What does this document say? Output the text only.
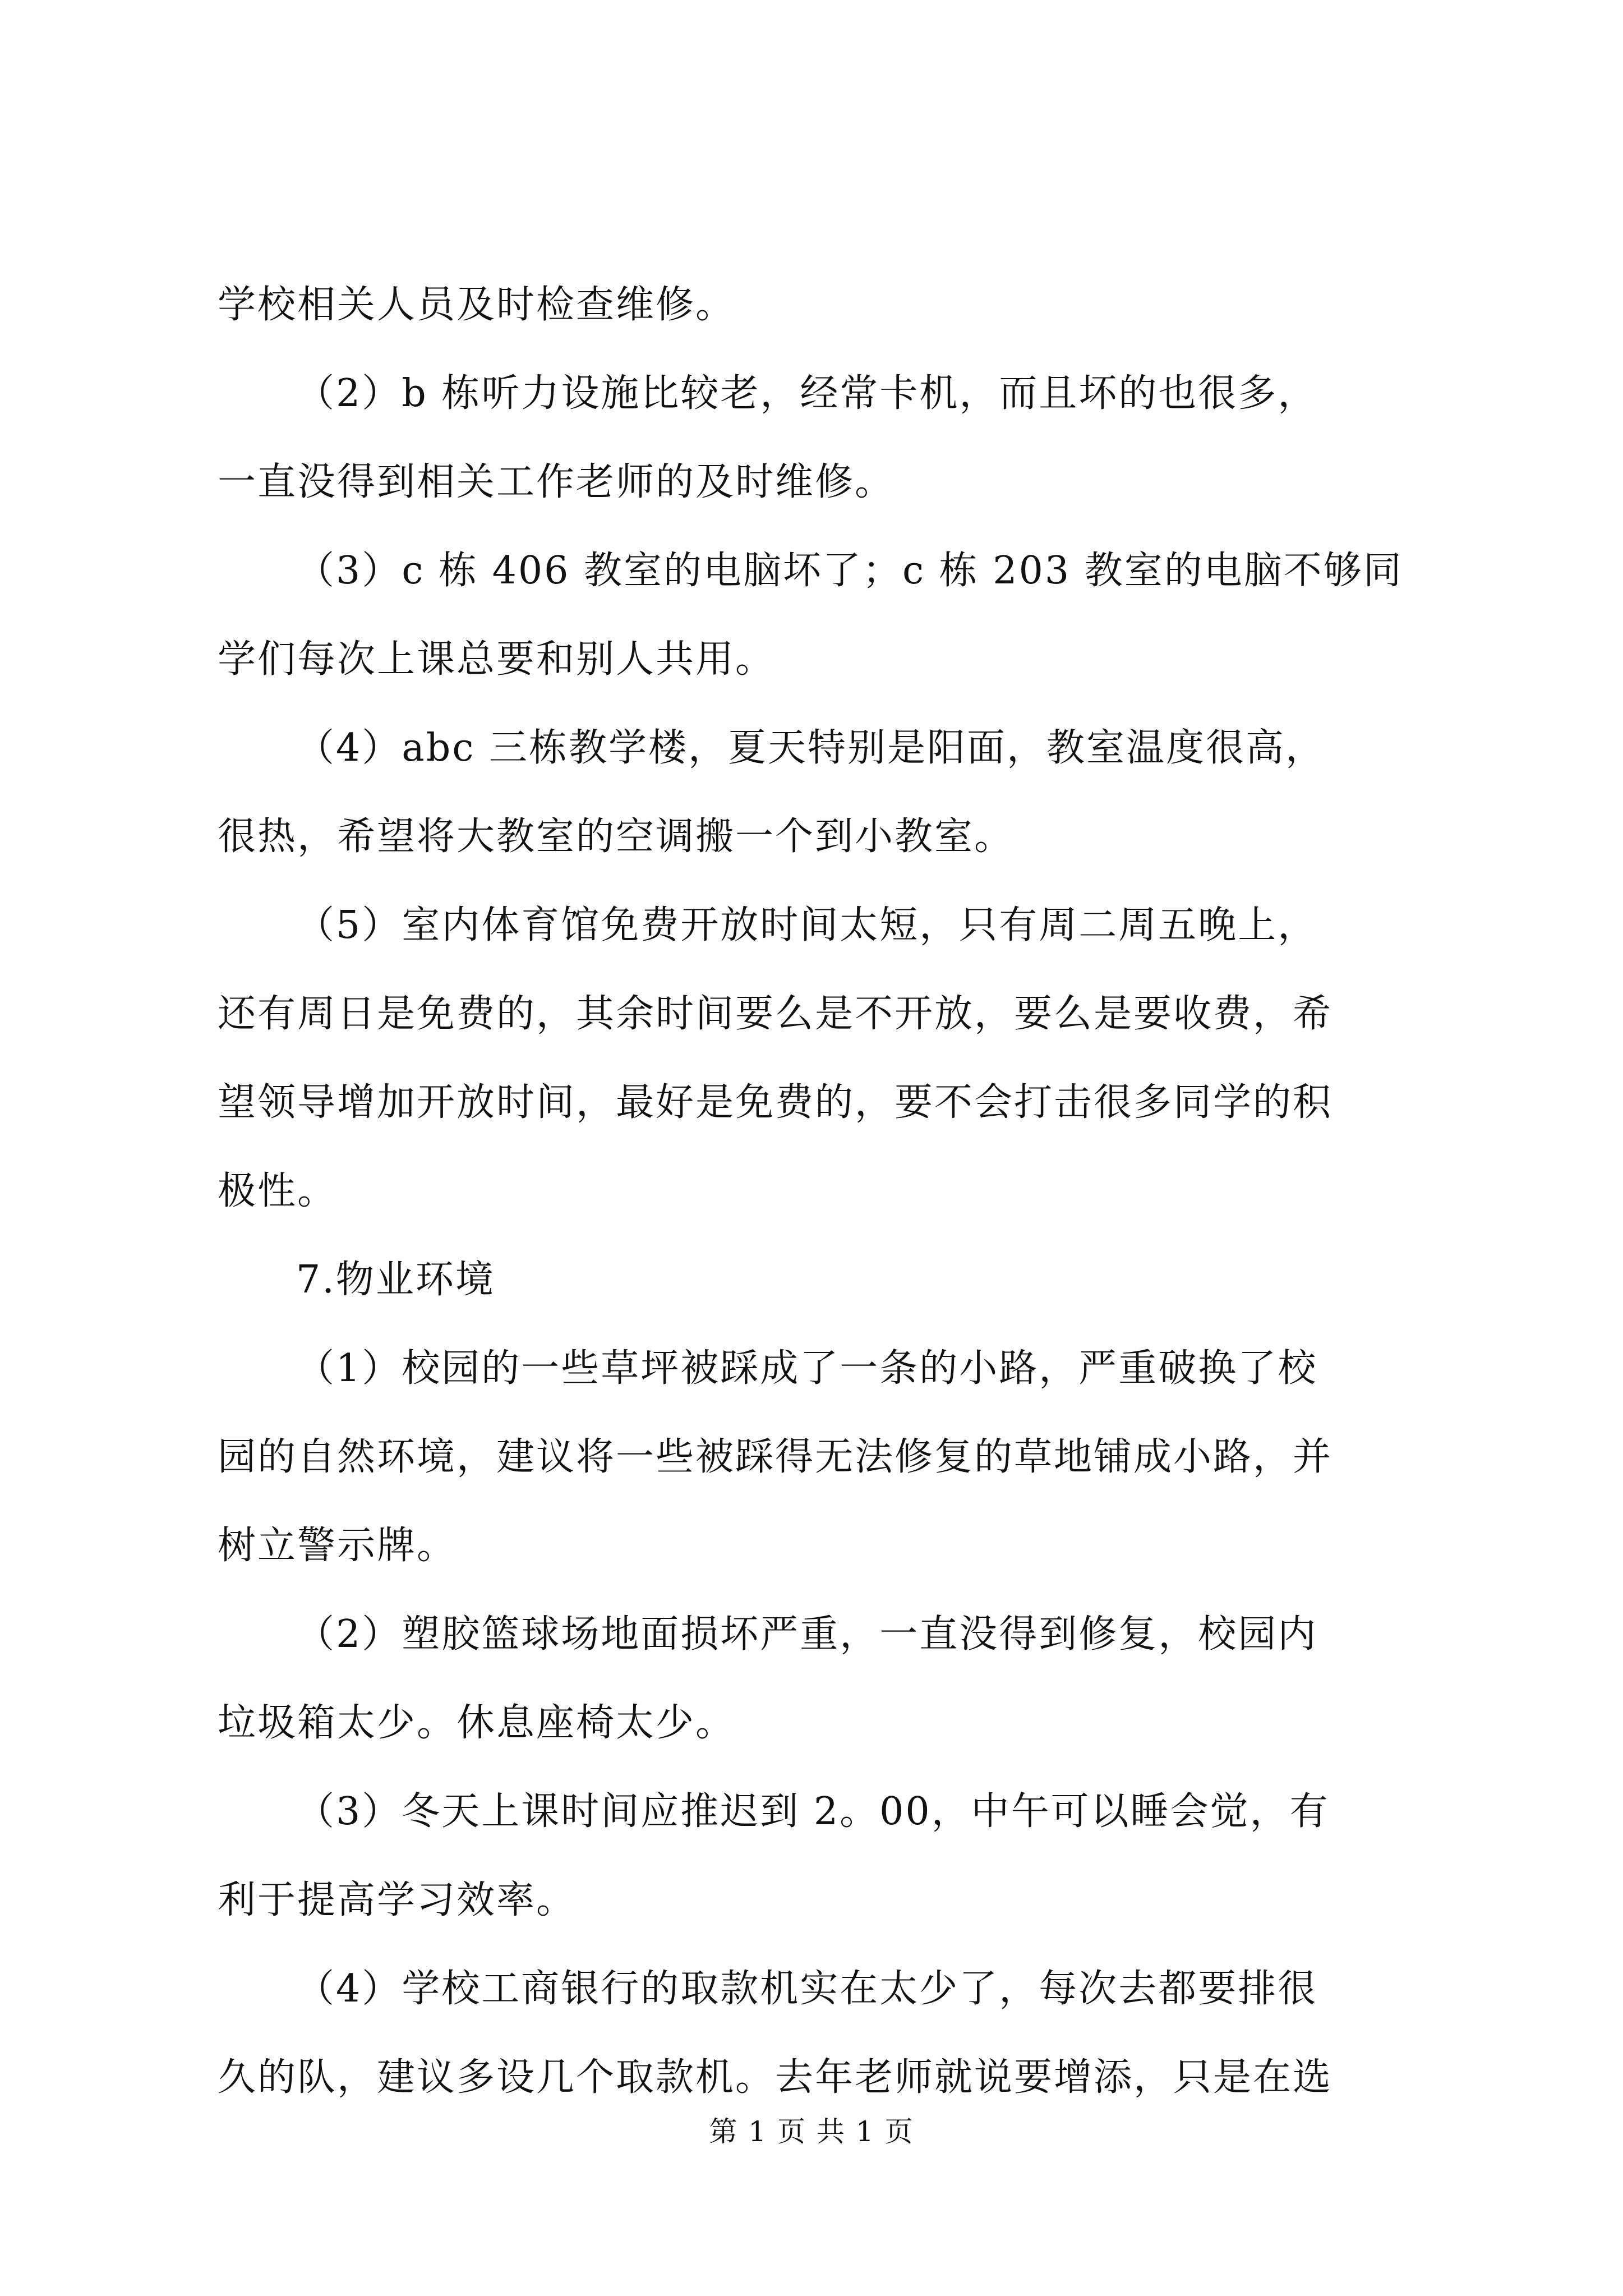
学校相关人员及时检查维修。
（2）b 栋听力设施比较老，经常卡机，而且坏的也很多，
一直没得到相关工作老师的及时维修。
（3）c 栋 406 教室的电脑坏了；c 栋 203 教室的电脑不够同
学们每次上课总要和别人共用。
（4）abc 三栋教学楼，夏天特别是阳面，教室温度很高，
很热，希望将大教室的空调搬一个到小教室。
（5）室内体育馆免费开放时间太短，只有周二周五晚上，
还有周日是免费的，其余时间要么是不开放，要么是要收费，希
望领导增加开放时间，最好是免费的，要不会打击很多同学的积
极性。
7.物业环境
（1）校园的一些草坪被踩成了一条的小路，严重破换了校
园的自然环境，建议将一些被踩得无法修复的草地铺成小路，并
树立警示牌。
（2）塑胶篮球场地面损坏严重，一直没得到修复，校园内
垃圾箱太少。休息座椅太少。
（3）冬天上课时间应推迟到 2。00，中午可以睡会觉，有
利于提高学习效率。
（4）学校工商银行的取款机实在太少了，每次去都要排很
久的队，建议多设几个取款机。去年老师就说要增添，只是在选
第 1 页 共 1 页
